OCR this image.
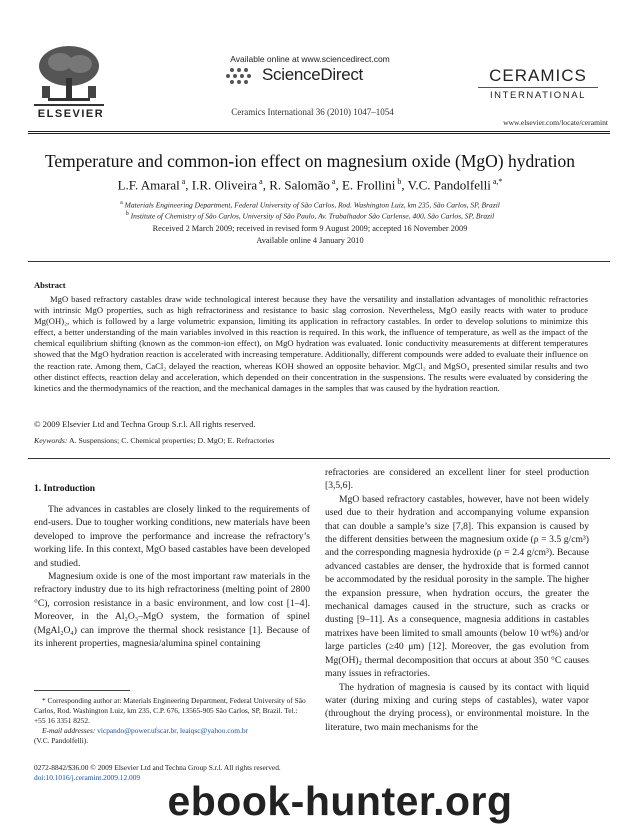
ELSEVIER
Available online at www.sciencedirect.com
ScienceDirect
Ceramics International 36 (2010) 1047–1054
CERAMICS
INTERNATIONAL
www.elsevier.com/locate/ceramint
Temperature and common-ion effect on magnesium oxide (MgO) hydration
L.F. Amaral $^a$, I.R. Oliveira $^a$, R. Salomão $^a$, E. Frollini $^b$, V.C. Pandolfelli $^{a,*}$
$^a$ Materials Engineering Department, Federal University of São Carlos, Rod. Washington Luiz, km 235, São Carlos, SP, Brazil
$^b$ Institute of Chemistry of São Carlos, University of São Paulo, Av. Trabalhador São Carlense, 400, São Carlos, SP, Brazil
Received 2 March 2009; received in revised form 9 August 2009; accepted 16 November 2009
Available online 4 January 2010
Abstract
MgO based refractory castables draw wide technological interest because they have the versatility and installation advantages of monolithic refractories with intrinsic MgO properties, such as high refractoriness and resistance to basic slag corrosion. Nevertheless, MgO easily reacts with water to produce Mg(OH)₂, which is followed by a large volumetric expansion, limiting its application in refractory castables. In order to develop solutions to minimize this effect, a better understanding of the main variables involved in this reaction is required. In this work, the influence of temperature, as well as the impact of the chemical equilibrium shifting (known as the common-ion effect), on MgO hydration was evaluated. Ionic conductivity measurements at different temperatures showed that the MgO hydration reaction is accelerated with increasing temperature. Additionally, different compounds were added to evaluate their influence on the reaction rate. Among them, CaCl₂ delayed the reaction, whereas KOH showed an opposite behavior. MgCl₂ and MgSO₄ presented similar results and two other distinct effects, reaction delay and acceleration, which depended on their concentration in the suspensions. The results were evaluated by considering the kinetics and the thermodynamics of the reaction, and the mechanical damages in the samples that was caused by the hydration reaction.
© 2009 Elsevier Ltd and Techna Group S.r.l. All rights reserved.
Keywords: A. Suspensions; C. Chemical properties; D. MgO; E. Refractories
1. Introduction

The advances in castables are closely linked to the requirements of end-users. Due to tougher working conditions, new materials have been developed to improve the performance and increase the refractory’s working life. In this context, MgO based castables have been developed and studied.

Magnesium oxide is one of the most important raw materials in the refractory industry due to its high refractoriness (melting point of 2800 °C), corrosion resistance in a basic environment, and low cost [1–4]. Moreover, in the Al₂O₃–MgO system, the formation of spinel (MgAl₂O₄) can improve the thermal shock resistance [1]. Because of its inherent properties, magnesia/alumina spinel containing

refractories are considered an excellent liner for steel production [3,5,6].

MgO based refractory castables, however, have not been widely used due to their hydration and accompanying volume expansion that can double a sample’s size [7,8]. This expansion is caused by the different densities between the magnesium oxide (ρ = 3.5 g/cm³) and the corresponding magnesia hydroxide (ρ = 2.4 g/cm³). Because advanced castables are denser, the hydroxide that is formed cannot be accommodated by the residual porosity in the sample. The higher the expansion pressure, when hydration occurs, the greater the mechanical damages caused in the structure, such as cracks or dusting [9–11]. As a consequence, magnesia additions in castables matrixes have been limited to small amounts (below 10 wt%) and/or large particles (≥40 μm) [12]. Moreover, the gas evolution from Mg(OH)₂ thermal decomposition that occurs at about 350 °C causes many issues in refractories.

The hydration of magnesia is caused by its contact with liquid water (during mixing and curing steps of castables), water vapor (throughout the drying process), or environmental moisture. In the literature, two main mechanisms for the

* Corresponding author at: Materials Engineering Department, Federal University of São Carlos, Rod. Washington Luiz, km 235, C.P. 676, 13565-905 São Carlos, SP, Brazil. Tel.: +55 16 3351 8252.
E-mail addresses: vicpando@power.ufscar.br, leaiqsc@yahoo.com.br
(V.C. Pandolfelli).
0272-8842/$36.00 © 2009 Elsevier Ltd and Techna Group S.r.l. All rights reserved.
doi:10.1016/j.ceramint.2009.12.009
ebook-hunter.org
